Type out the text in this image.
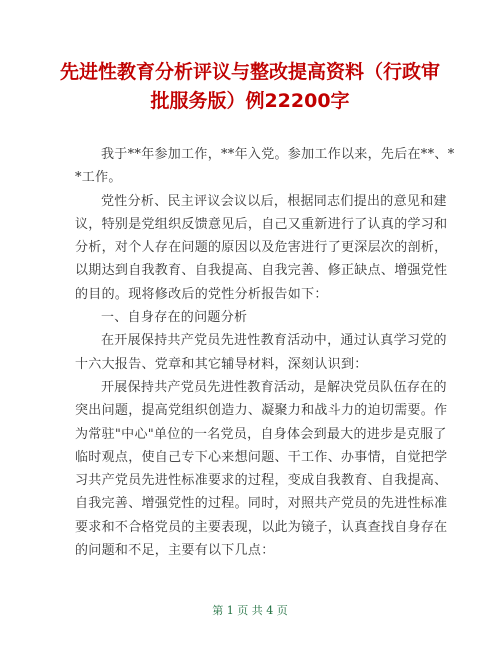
先进性教育分析评议与整改提高资料（行政审
批服务版）例22200字
我于**年参加工作，**年入党。参加工作以来，先后在**、*
*工作。
党性分析、民主评议会议以后，根据同志们提出的意见和建
议，特别是党组织反馈意见后，自己又重新进行了认真的学习和
分析，对个人存在问题的原因以及危害进行了更深层次的剖析，
以期达到自我教育、自我提高、自我完善、修正缺点、增强党性
的目的。现将修改后的党性分析报告如下：
一、自身存在的问题分析
在开展保持共产党员先进性教育活动中，通过认真学习党的
十六大报告、党章和其它辅导材料，深刻认识到：
开展保持共产党员先进性教育活动，是解决党员队伍存在的
突出问题，提高党组织创造力、凝聚力和战斗力的迫切需要。作
为常驻"中心"单位的一名党员，自身体会到最大的进步是克服了
临时观点，使自己专下心来想问题、干工作、办事情，自觉把学
习共产党员先进性标准要求的过程，变成自我教育、自我提高、
自我完善、增强党性的过程。同时，对照共产党员的先进性标准
要求和不合格党员的主要表现，以此为镜子，认真查找自身存在
的问题和不足，主要有以下几点：
第 1 页 共 4 页
